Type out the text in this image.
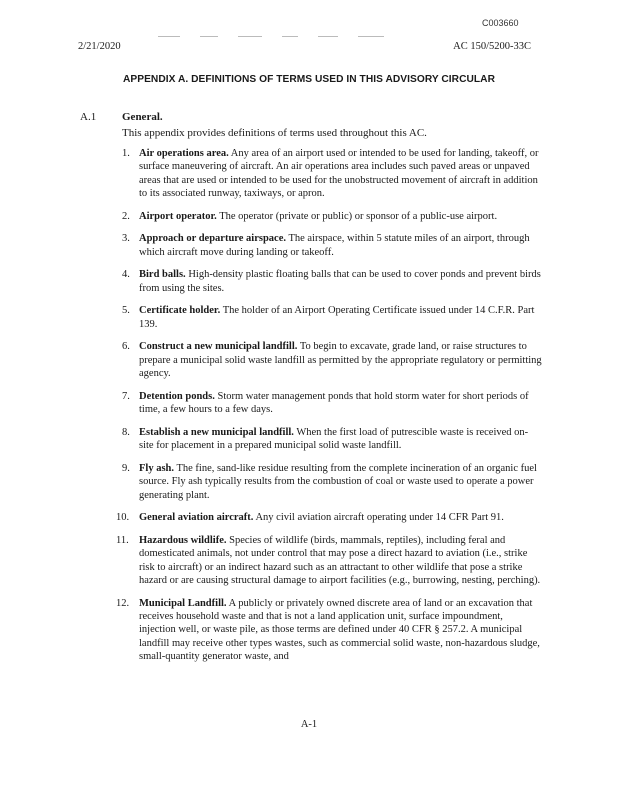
C003660
2/21/2020	AC 150/5200-33C
APPENDIX A. DEFINITIONS OF TERMS USED IN THIS ADVISORY CIRCULAR
A.1 General.
This appendix provides definitions of terms used throughout this AC.
1. Air operations area. Any area of an airport used or intended to be used for landing, takeoff, or surface maneuvering of aircraft. An air operations area includes such paved areas or unpaved areas that are used or intended to be used for the unobstructed movement of aircraft in addition to its associated runway, taxiways, or apron.
2. Airport operator. The operator (private or public) or sponsor of a public-use airport.
3. Approach or departure airspace. The airspace, within 5 statute miles of an airport, through which aircraft move during landing or takeoff.
4. Bird balls. High-density plastic floating balls that can be used to cover ponds and prevent birds from using the sites.
5. Certificate holder. The holder of an Airport Operating Certificate issued under 14 C.F.R. Part 139.
6. Construct a new municipal landfill. To begin to excavate, grade land, or raise structures to prepare a municipal solid waste landfill as permitted by the appropriate regulatory or permitting agency.
7. Detention ponds. Storm water management ponds that hold storm water for short periods of time, a few hours to a few days.
8. Establish a new municipal landfill. When the first load of putrescible waste is received on-site for placement in a prepared municipal solid waste landfill.
9. Fly ash. The fine, sand-like residue resulting from the complete incineration of an organic fuel source. Fly ash typically results from the combustion of coal or waste used to operate a power generating plant.
10. General aviation aircraft. Any civil aviation aircraft operating under 14 CFR Part 91.
11. Hazardous wildlife. Species of wildlife (birds, mammals, reptiles), including feral and domesticated animals, not under control that may pose a direct hazard to aviation (i.e., strike risk to aircraft) or an indirect hazard such as an attractant to other wildlife that pose a strike hazard or are causing structural damage to airport facilities (e.g., burrowing, nesting, perching).
12. Municipal Landfill. A publicly or privately owned discrete area of land or an excavation that receives household waste and that is not a land application unit, surface impoundment, injection well, or waste pile, as those terms are defined under 40 CFR § 257.2. A municipal landfill may receive other types wastes, such as commercial solid waste, non-hazardous sludge, small-quantity generator waste, and
A-1
